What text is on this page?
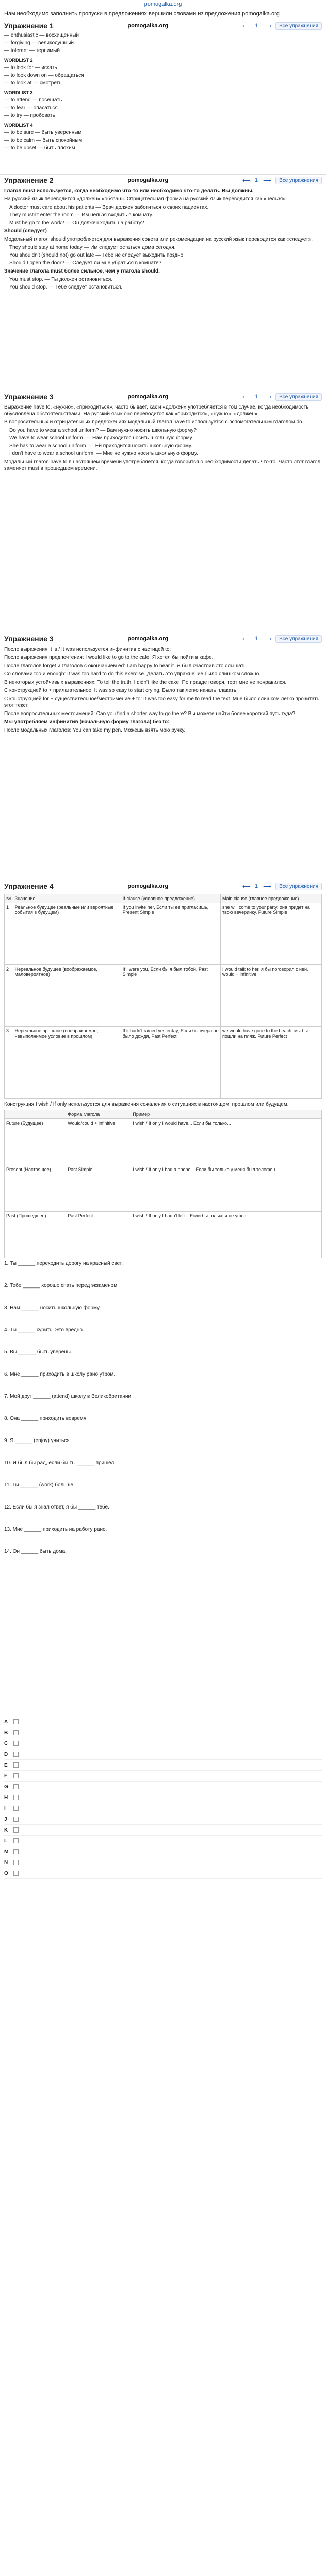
pomogalka.org
Нам необходимо заполнить пропуски в предложениях вершили словами из предложения pomogalka.org
Упражнение 1	pomogalka.org	⟵ 1 ⟶	Все упражнения
— enthusiastic — восхищенный
— forgiving — великодушный
— tolerant — терпимый
WORDLIST 2
— to look for — искать
— to look down on — обращаться
— to look at — смотреть
WORDLIST 3
— to attend — посещать
— to fear — опасаться
— to try — пробовать
WORDLIST 4
— to be sure — быть уверенным
— to be calm — быть спокойным
— to be upset — быть плохим
Упражнение 2	pomogalka.org	⟵ 1 ⟶	Все упражнения
Глагол must используется, когда необходимо что-то или необходимо что-то делать. Вы должны.
На русский язык переводится «должен» «обязан». Отрицательная форма на русский язык переводится как «нельзя».
A doctor must care about his patients — Врач должен заботиться о своих пациентах.
They mustn't enter the room — Им нельзя входить в комнату.
Must he go to the work? — Он должен ходить на работу?
Should (следует)
Модальный глагол should употребляется для выражения совета или рекомендации на русский язык переводится как «следует».
They should stay at home today — Им следует остаться дома сегодня.
You shouldn't (should not) go out late — Тебе не следует выходить поздно.
Should I open the door? — Следует ли мне убраться в комнате?
Значение глагола must более сильное, чем у глагола should.
You must stop. — Ты должен остановиться.
You should stop. — Тебе следует остановиться.
Упражнение 3	pomogalka.org	⟵ 1 ⟶	Все упражнения
Выражение have to, «нужно», «приходиться», часто бывает, как и «должен» употребляется в том случае, когда необходимость обусловлена обстоятельствами. На русский язык оно переводится как «приходится», «нужно», «должен».
В вопросительных и отрицательных предложениях модальный глагол have to используется с вспомогательным глаголом do.
Do you have to wear a school uniform? — Вам нужно носить школьную форму?
We have to wear school uniform. — Нам приходится носить школьную форму.
She has to wear a school uniform. — Ей приходится носить школьную форму.
I don't have to wear a school uniform. — Мне не нужно носить школьную форму.
Модальный глагол have to в настоящем времени употребляется, когда говорится о необходимости делать что-то. Часто этот глагол заменяет must в прошедшем времени.
Упражнение 3	pomogalka.org	⟵ 1 ⟶	Все упражнения
После выражения It is / It was используется инфинитив с частицей to:
После выражения предпочтения: I would like to go to the cafe. Я хотел бы пойти в кафе.
После глаголов forget и глаголов с окончанием ed: I am happy to hear it. Я был счастлив это слышать.
Со словами too и enough: It was too hard to do this exercise. Делать это упражнение было слишком сложно.
В некоторых устойчивых выражениях: To tell the truth, I didn't like the cake. По правде говоря, торт мне не понравился.
С конструкцией to + прилагательное: It was so easy to start crying. Было так легко начать плакать.
С конструкцией for + существительное/местоимение + to: It was too easy for me to read the text. Мне было слишком легко прочитать этот текст.
После вопросительных местоимений: Can you find a shorter way to go there? Вы можете найти более короткий путь туда?
Мы употребляем инфинитив (начальную форму глагола) без to:
После модальных глаголов: You can take my pen. Можешь взять мою ручку.
Упражнение 4	pomogalka.org	⟵ 1 ⟶	Все упражнения
№	Значение	If-clause (условное предложение)	Main clause (главное предложение)
1	Реальное будущее (реальные или вероятные события в будущем)	If you invite her, Если ты ее пригласишь, Present Simple	she will come to your party. она придет на твою вечеринку. Future Simple
2	Нереальное будущее (воображаемое, маловероятное)	If I were you, Если бы я был тобой, Past Simple	I would talk to her. я бы поговорил с ней. would + infinitive
3	Нереальное прошлое (воображаемое, невыполнимое условие в прошлом)	If it hadn't rained yesterday, Если бы вчера не было дождя, Past Perfect	we would have gone to the beach. мы бы пошли на пляж. Future Perfect
Конструкция I wish / If only используется для выражения сожаления о ситуациях в настоящем, прошлом или будущем.
	Форма глагола	Пример
Future (Будущее)	Would/could + infinitive	I wish / If only I would have... Если бы только...
Present (Настоящее)	Past Simple	I wish / If only I had a phone... Если бы только у меня был телефон...
Past (Прошедшее)	Past Perfect	I wish / If only I hadn't left... Если бы только я не ушел...
1. Ты ______ переходить дорогу на красный свет.
2. Тебе ______ хорошо спать перед экзаменом.
3. Нам ______ носить школьную форму.
4. Ты ______ курить. Это вредно.
5. Вы ______ быть уверены.
6. Мне ______ приходить в школу рано утром.
7. Мой друг ______ (attend) школу в Великобритании.
8. Она ______ приходить вовремя.
9. Я ______ (enjoy) учиться.
10. Я был бы рад, если бы ты ______ пришел.
11. Ты ______ (work) больше.
12. Если бы я знал ответ, я бы ______ тебе.
13. Мне ______ приходить на работу рано.
14. Он ______ быть дома.
A
B
C
D
E
F
G
H
I
J
K
L
M
N
O
